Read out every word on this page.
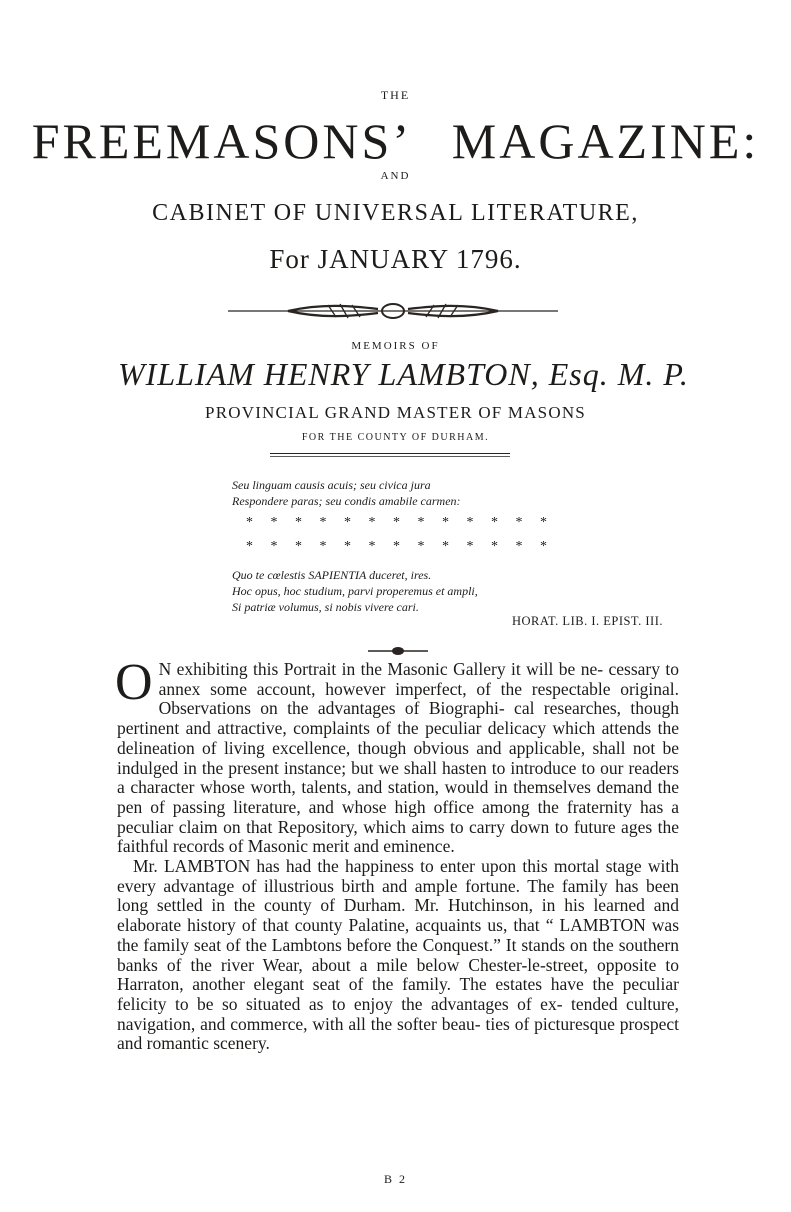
THE
FREEMASONS’ MAGAZINE:
AND
CABINET OF UNIVERSAL LITERATURE,
For JANUARY 1796.
MEMOIRS OF
WILLIAM HENRY LAMBTON, Esq. M. P.
PROVINCIAL GRAND MASTER OF MASONS
FOR THE COUNTY OF DURHAM.
Seu linguam causis acuis; seu civica jura
Respondere paras; seu condis amabile carmen:
* * * * * * * * * * * * *
* * * * * * * * * * * * *
Quo te cœlestis SAPIENTIA duceret, ires.
Hoc opus, hoc studium, parvi properemus et ampli,
Si patriæ volumus, si nobis vivere cari.
HORAT. LIB. I. EPIST. III.
O N exhibiting this Portrait in the Masonic Gallery it will be ne- cessary to annex some account, however imperfect, of the respectable original. Observations on the advantages of Biographi- cal researches, though pertinent and attractive, complaints of the peculiar delicacy which attends the delineation of living excellence, though obvious and applicable, shall not be indulged in the present instance; but we shall hasten to introduce to our readers a character whose worth, talents, and station, would in themselves demand the pen of passing literature, and whose high office among the fraternity has a peculiar claim on that Repository, which aims to carry down to future ages the faithful records of Masonic merit and eminence.

Mr. LAMBTON has had the happiness to enter upon this mortal stage with every advantage of illustrious birth and ample fortune. The family has been long settled in the county of Durham. Mr. Hutchinson, in his learned and elaborate history of that county Palatine, acquaints us, that “ LAMBTON was the family seat of the Lambtons before the Conquest.” It stands on the southern banks of the river Wear, about a mile below Chester-le-street, opposite to Harraton, another elegant seat of the family. The estates have the peculiar felicity to be so situated as to enjoy the advantages of ex- tended culture, navigation, and commerce, with all the softer beau- ties of picturesque prospect and romantic scenery.

B 2
